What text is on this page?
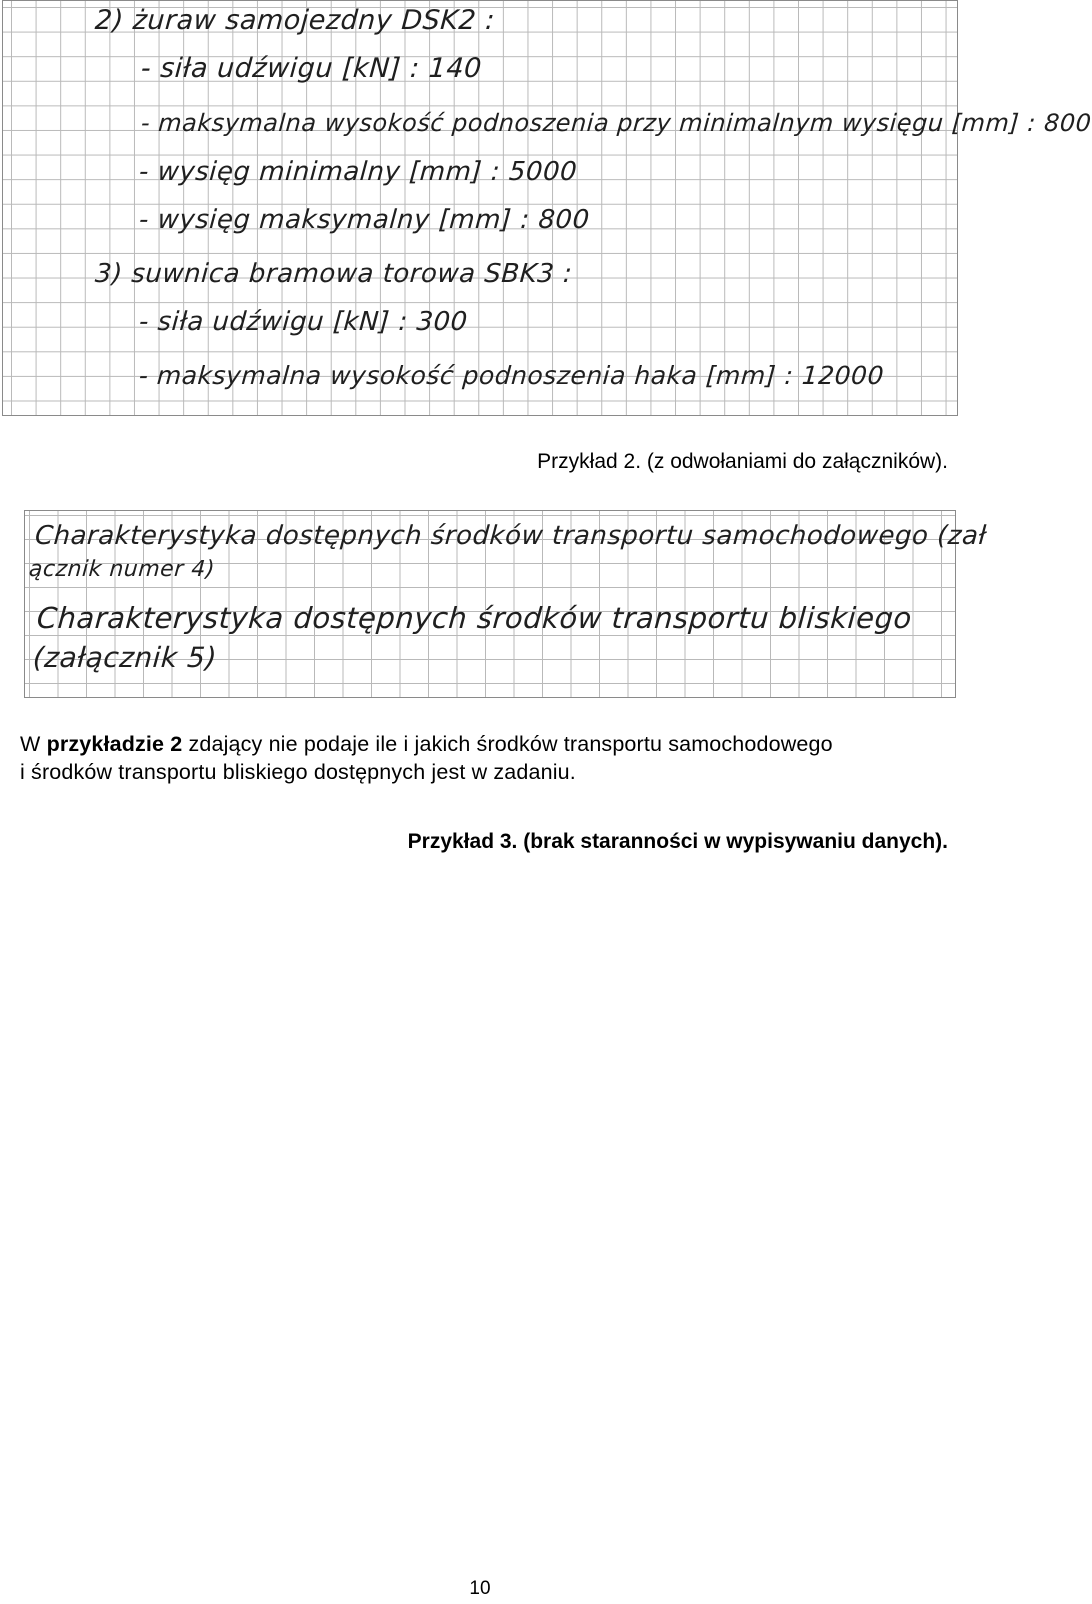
2) żuraw samojezdny DSK2 :
- siła udźwigu [kN] : 140
- maksymalna wysokość podnoszenia przy minimalnym wysięgu [mm] : 800
- wysięg minimalny [mm] : 5000
- wysięg maksymalny [mm] : 800
3) suwnica bramowa torowa SBK3 :
- siła udźwigu [kN] : 300
- maksymalna wysokość podnoszenia haka [mm] : 12000
Przykład 2. (z odwołaniami do załączników).
Charakterystyka dostępnych środków transportu samochodowego (zał
ącznik numer 4)
Charakterystyka dostępnych środków transportu bliskiego
(załącznik 5)
W przykładzie 2 zdający nie podaje ile i jakich środków transportu samochodowego
i środków transportu bliskiego dostępnych jest w zadaniu.
Przykład 3. (brak staranności w wypisywaniu danych).
10
